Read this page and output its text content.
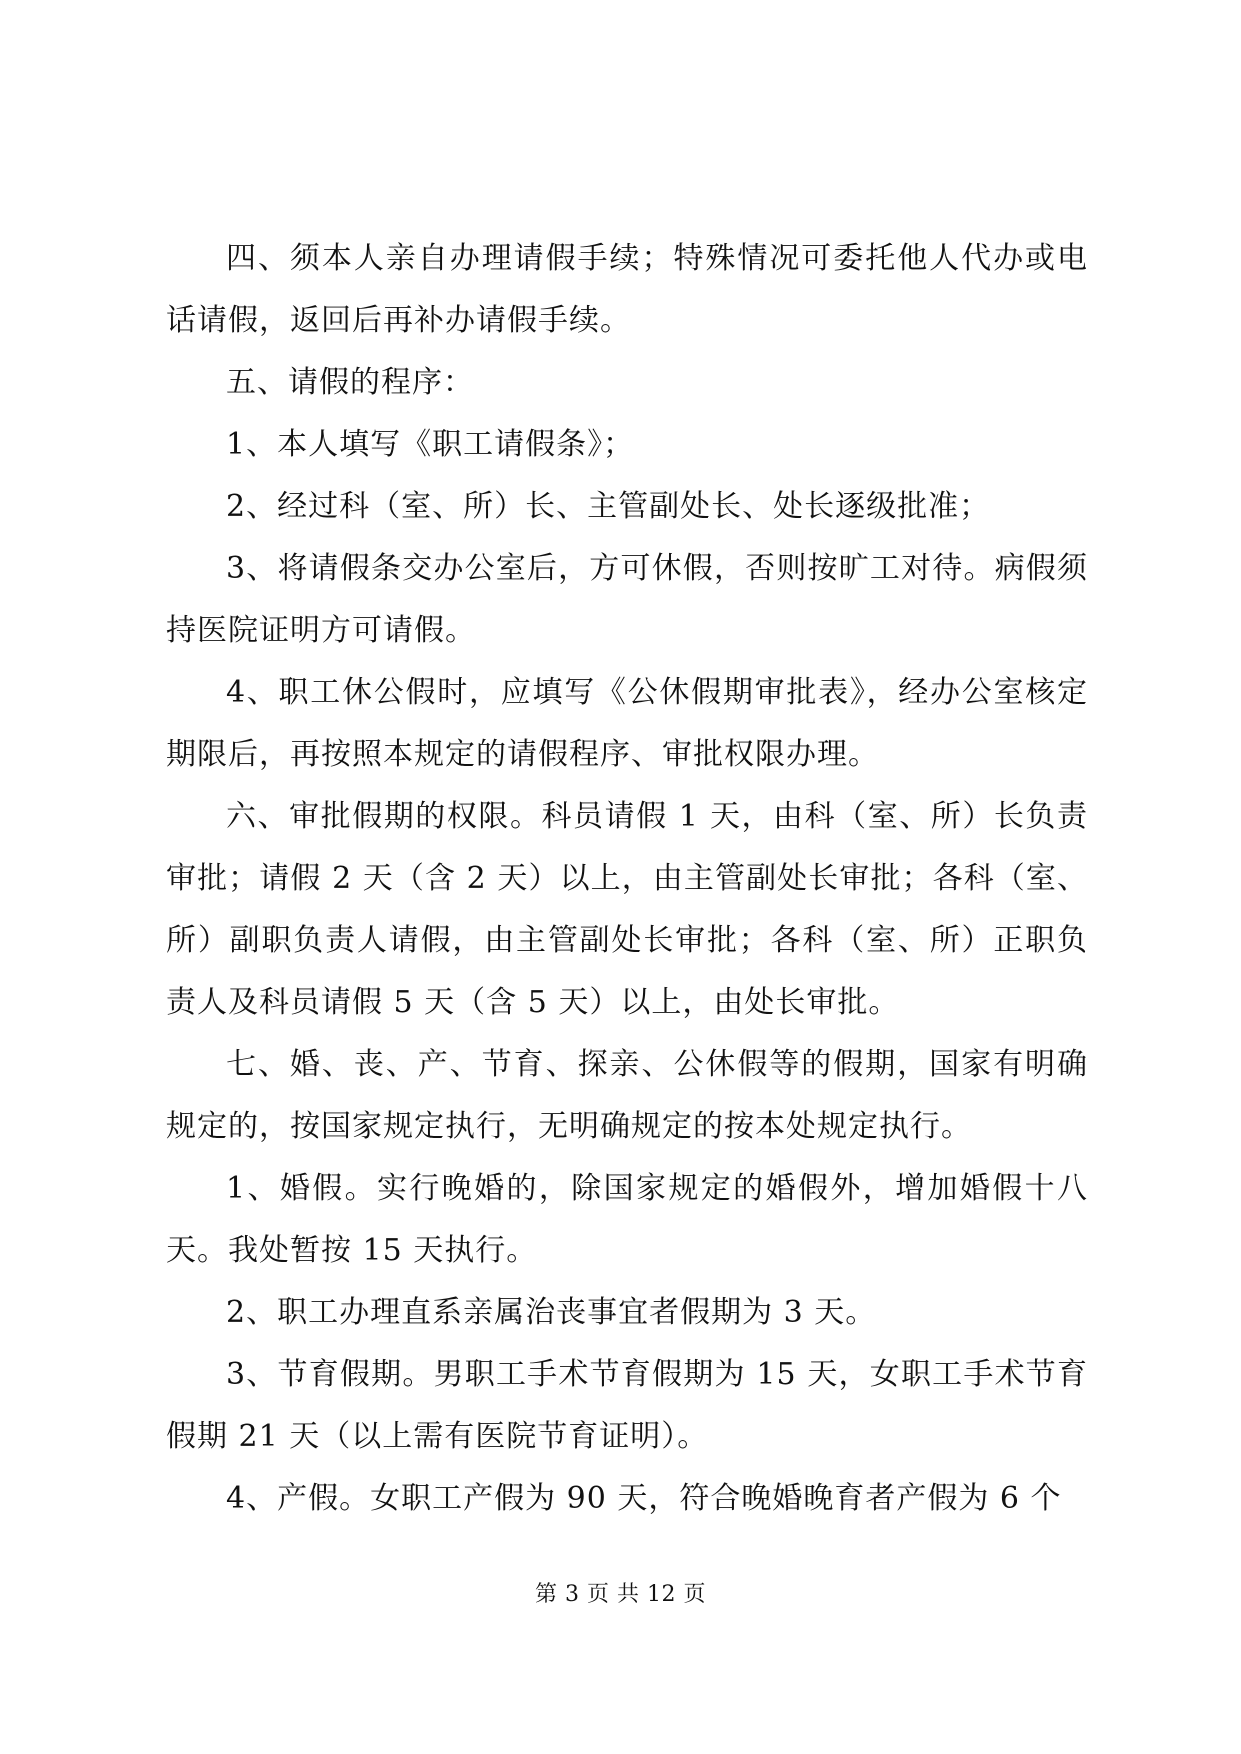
四、须本人亲自办理请假手续；特殊情况可委托他人代办或电话请假，返回后再补办请假手续。

五、请假的程序：

1、本人填写《职工请假条》；

2、经过科（室、所）长、主管副处长、处长逐级批准；

3、将请假条交办公室后，方可休假，否则按旷工对待。病假须持医院证明方可请假。

4、职工休公假时，应填写《公休假期审批表》，经办公室核定期限后，再按照本规定的请假程序、审批权限办理。

六、审批假期的权限。科员请假 1 天，由科（室、所）长负责审批；请假 2 天（含 2 天）以上，由主管副处长审批；各科（室、所）副职负责人请假，由主管副处长审批；各科（室、所）正职负责人及科员请假 5 天（含 5 天）以上，由处长审批。

七、婚、丧、产、节育、探亲、公休假等的假期，国家有明确规定的，按国家规定执行，无明确规定的按本处规定执行。

1、婚假。实行晚婚的，除国家规定的婚假外，增加婚假十八天。我处暂按 15 天执行。

2、职工办理直系亲属治丧事宜者假期为 3 天。

3、节育假期。男职工手术节育假期为 15 天，女职工手术节育假期 21 天（以上需有医院节育证明）。

4、产假。女职工产假为 90 天，符合晚婚晚育者产假为 6 个

第 3 页 共 12 页
